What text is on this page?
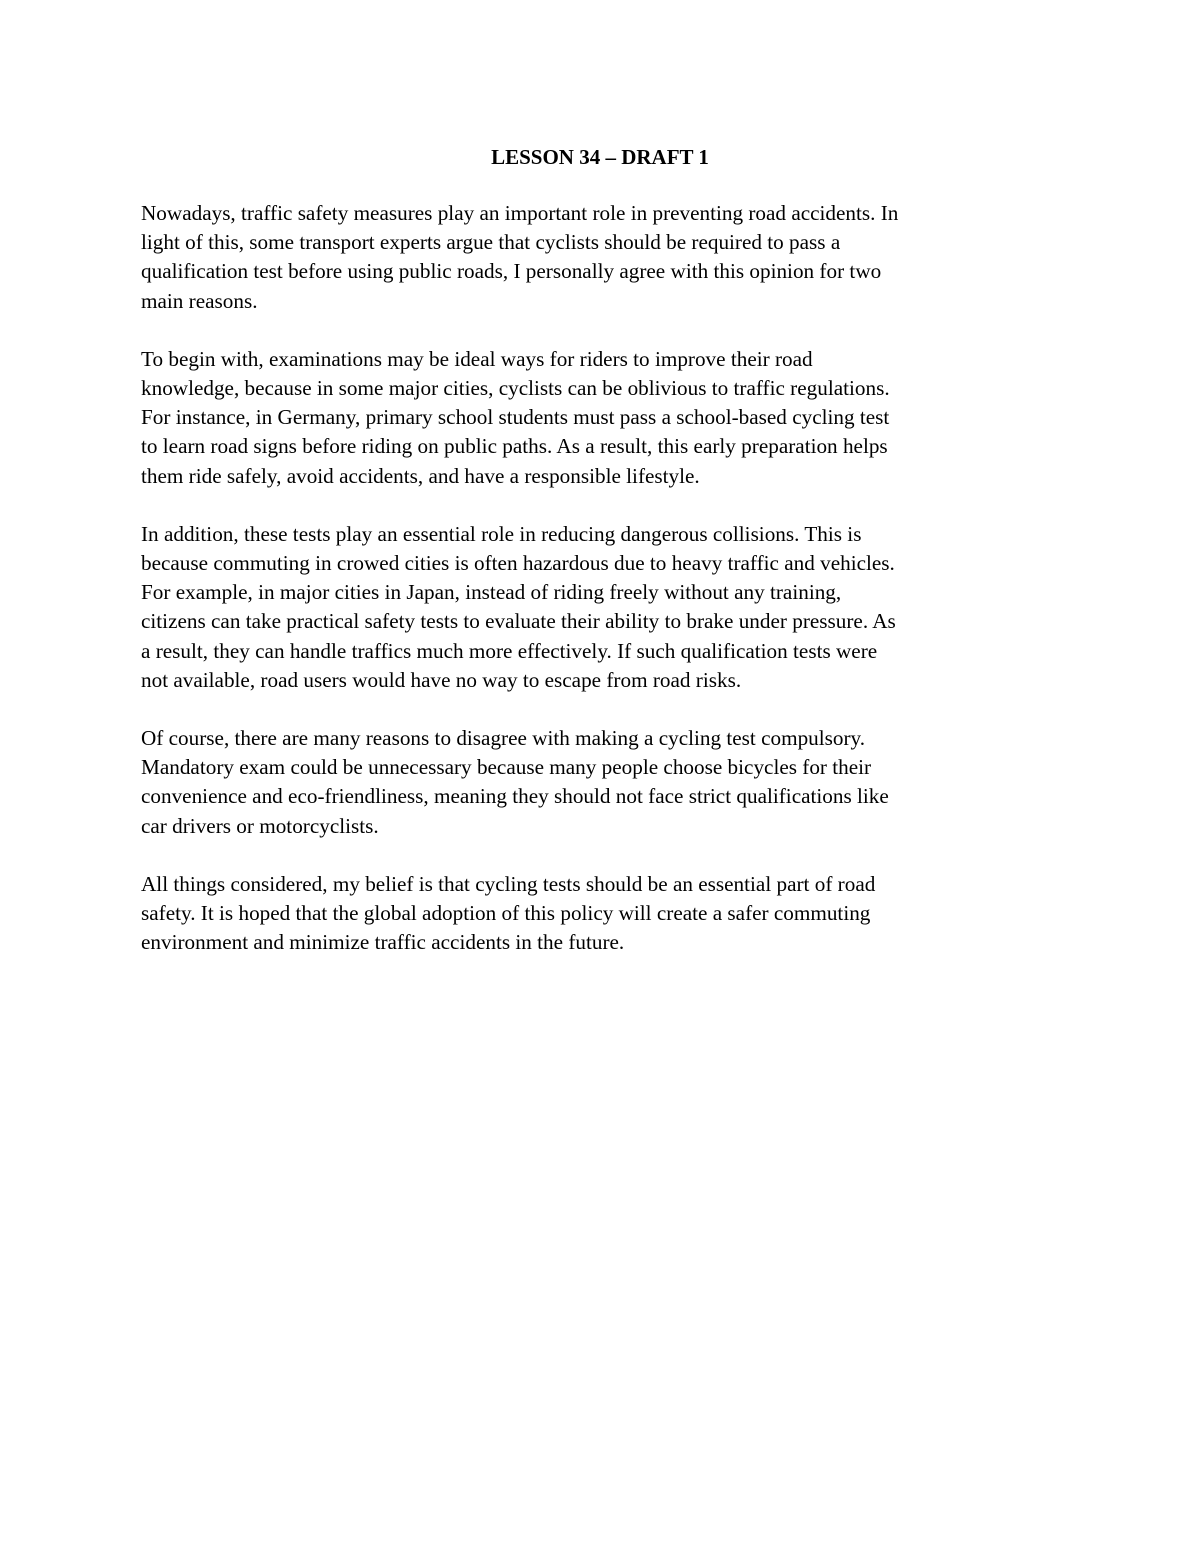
LESSON 34 – DRAFT 1

Nowadays, traffic safety measures play an important role in preventing road accidents. In
light of this, some transport experts argue that cyclists should be required to pass a
qualification test before using public roads, I personally agree with this opinion for two
main reasons.

To begin with, examinations may be ideal ways for riders to improve their road
knowledge, because in some major cities, cyclists can be oblivious to traffic regulations.
For instance, in Germany, primary school students must pass a school-based cycling test
to learn road signs before riding on public paths. As a result, this early preparation helps
them ride safely, avoid accidents, and have a responsible lifestyle.

In addition, these tests play an essential role in reducing dangerous collisions. This is
because commuting in crowed cities is often hazardous due to heavy traffic and vehicles.
For example, in major cities in Japan, instead of riding freely without any training,
citizens can take practical safety tests to evaluate their ability to brake under pressure. As
a result, they can handle traffics much more effectively. If such qualification tests were
not available, road users would have no way to escape from road risks.

Of course, there are many reasons to disagree with making a cycling test compulsory.
Mandatory exam could be unnecessary because many people choose bicycles for their
convenience and eco-friendliness, meaning they should not face strict qualifications like
car drivers or motorcyclists.

All things considered, my belief is that cycling tests should be an essential part of road
safety. It is hoped that the global adoption of this policy will create a safer commuting
environment and minimize traffic accidents in the future.
